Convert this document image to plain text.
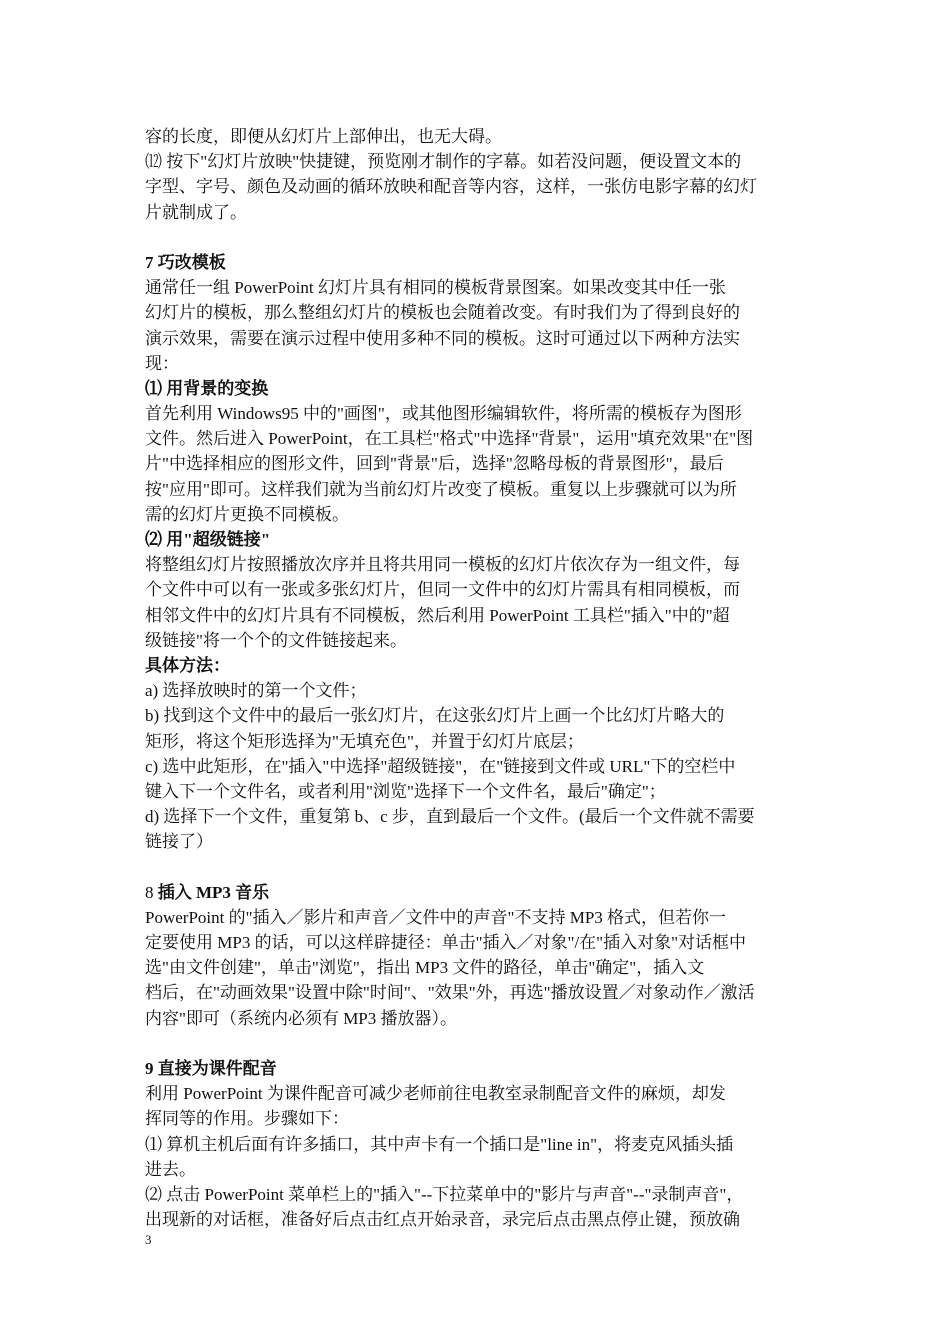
容的长度，即便从幻灯片上部伸出，也无大碍。
⑿ 按下"幻灯片放映"快捷键，预览刚才制作的字幕。如若没问题，便设置文本的
字型、字号、颜色及动画的循环放映和配音等内容，这样，一张仿电影字幕的幻灯
片就制成了。
7 巧改模板
通常任一组 PowerPoint 幻灯片具有相同的模板背景图案。如果改变其中任一张
幻灯片的模板，那么整组幻灯片的模板也会随着改变。有时我们为了得到良好的
演示效果，需要在演示过程中使用多种不同的模板。这时可通过以下两种方法实
现：
⑴ 用背景的变换
首先利用 Windows95 中的"画图"，或其他图形编辑软件，将所需的模板存为图形
文件。然后进入 PowerPoint，在工具栏"格式"中选择"背景"，运用"填充效果"在"图
片"中选择相应的图形文件，回到"背景"后，选择"忽略母板的背景图形"，最后
按"应用"即可。这样我们就为当前幻灯片改变了模板。重复以上步骤就可以为所
需的幻灯片更换不同模板。
⑵ 用"超级链接"
将整组幻灯片按照播放次序并且将共用同一模板的幻灯片依次存为一组文件，每
个文件中可以有一张或多张幻灯片，但同一文件中的幻灯片需具有相同模板，而
相邻文件中的幻灯片具有不同模板，然后利用 PowerPoint 工具栏"插入"中的"超
级链接"将一个个的文件链接起来。
具体方法：
a) 选择放映时的第一个文件；
b) 找到这个文件中的最后一张幻灯片，在这张幻灯片上画一个比幻灯片略大的
矩形，将这个矩形选择为"无填充色"，并置于幻灯片底层；
c) 选中此矩形，在"插入"中选择"超级链接"，在"链接到文件或 URL"下的空栏中
键入下一个文件名，或者利用"浏览"选择下一个文件名，最后"确定"；
d) 选择下一个文件，重复第 b、c 步，直到最后一个文件。(最后一个文件就不需要
链接了）
8 插入 MP3 音乐
PowerPoint 的"插入／影片和声音／文件中的声音"不支持 MP3 格式，但若你一
定要使用 MP3 的话，可以这样辟捷径：单击"插入／对象"/在"插入对象"对话框中
选"由文件创建"，单击"浏览"，指出 MP3 文件的路径，单击"确定"，插入文
档后，在"动画效果"设置中除"时间"、"效果"外，再选"播放设置／对象动作／激活
内容"即可（系统内必须有 MP3 播放器）。
9 直接为课件配音
利用 PowerPoint 为课件配音可减少老师前往电教室录制配音文件的麻烦，却发
挥同等的作用。步骤如下：
⑴ 算机主机后面有许多插口，其中声卡有一个插口是"line in"，将麦克风插头插
进去。
⑵ 点击 PowerPoint 菜单栏上的"插入"--下拉菜单中的"影片与声音"--"录制声音"，
出现新的对话框，准备好后点击红点开始录音，录完后点击黑点停止键，预放确
3
